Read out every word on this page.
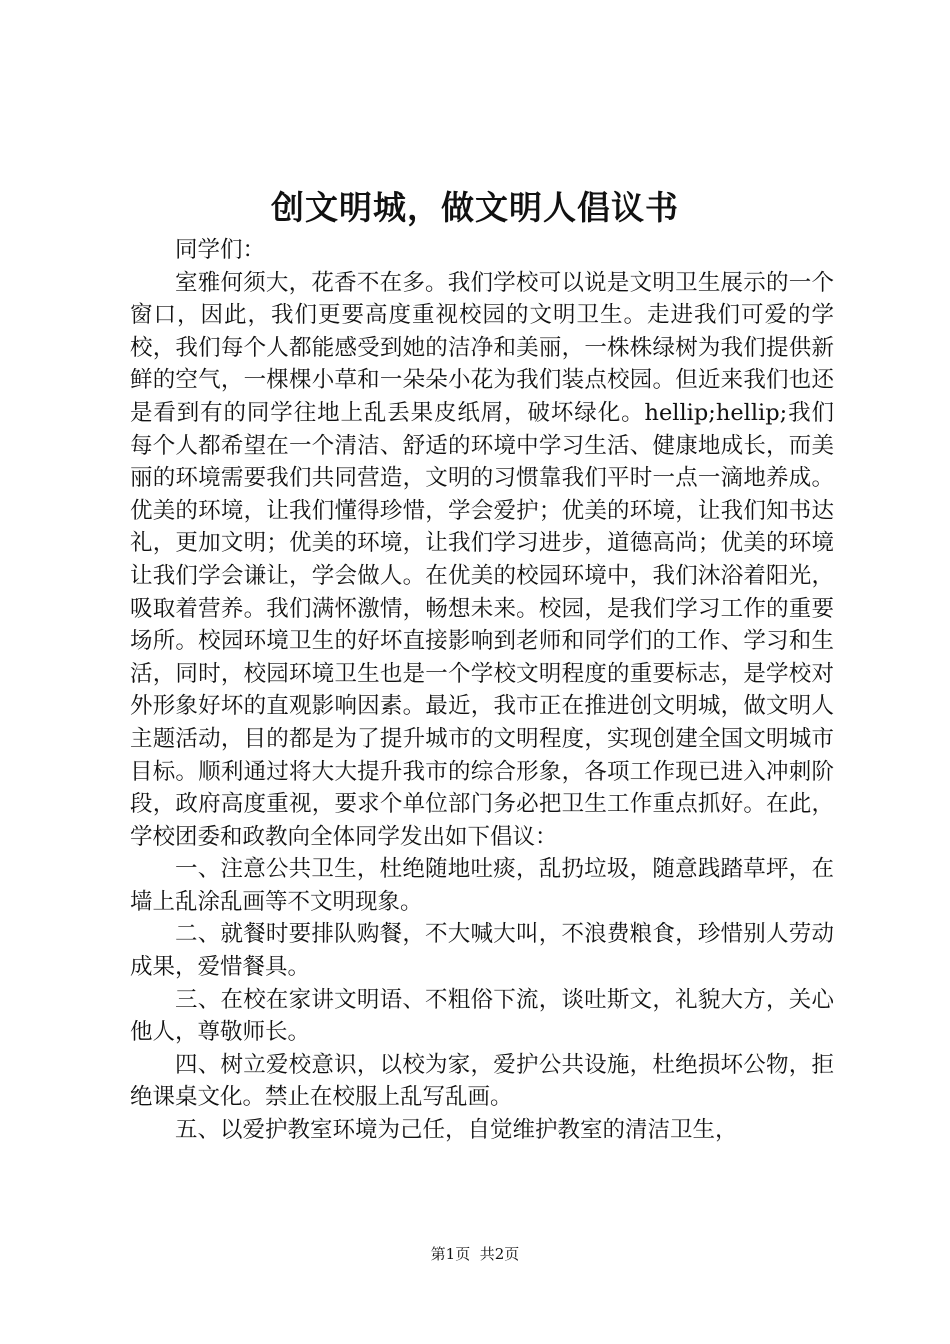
创文明城，做文明人倡议书

同学们：

室雅何须大，花香不在多。我们学校可以说是文明卫生展示的一个窗口，因此，我们更要高度重视校园的文明卫生。走进我们可爱的学校，我们每个人都能感受到她的洁净和美丽，一株株绿树为我们提供新鲜的空气，一棵棵小草和一朵朵小花为我们装点校园。但近来我们也还是看到有的同学往地上乱丢果皮纸屑，破坏绿化。hellip;hellip;我们每个人都希望在一个清洁、舒适的环境中学习生活、健康地成长，而美丽的环境需要我们共同营造，文明的习惯靠我们平时一点一滴地养成。优美的环境，让我们懂得珍惜，学会爱护；优美的环境，让我们知书达礼，更加文明；优美的环境，让我们学习进步，道德高尚；优美的环境让我们学会谦让，学会做人。在优美的校园环境中，我们沐浴着阳光，吸取着营养。我们满怀激情，畅想未来。校园，是我们学习工作的重要场所。校园环境卫生的好坏直接影响到老师和同学们的工作、学习和生活，同时，校园环境卫生也是一个学校文明程度的重要标志，是学校对外形象好坏的直观影响因素。最近，我市正在推进创文明城，做文明人主题活动，目的都是为了提升城市的文明程度，实现创建全国文明城市目标。顺利通过将大大提升我市的综合形象，各项工作现已进入冲刺阶段，政府高度重视，要求个单位部门务必把卫生工作重点抓好。在此，学校团委和政教向全体同学发出如下倡议：

一、注意公共卫生，杜绝随地吐痰，乱扔垃圾，随意践踏草坪，在墙上乱涂乱画等不文明现象。

二、就餐时要排队购餐，不大喊大叫，不浪费粮食，珍惜别人劳动成果，爱惜餐具。

三、在校在家讲文明语、不粗俗下流，谈吐斯文，礼貌大方，关心他人，尊敬师长。

四、树立爱校意识，以校为家，爱护公共设施，杜绝损坏公物，拒绝课桌文化。禁止在校服上乱写乱画。

五、以爱护教室环境为己任，自觉维护教室的清洁卫生，

第1页 共2页
